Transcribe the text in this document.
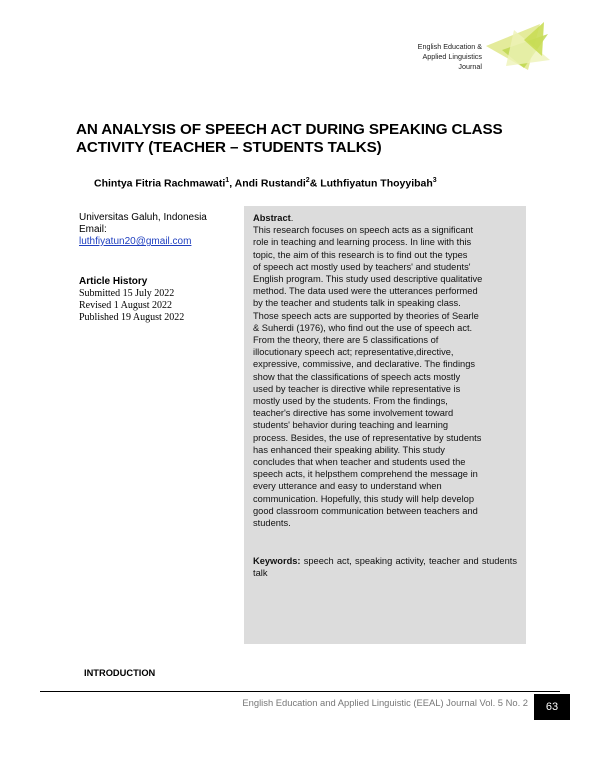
English Education &
Applied Linguistics
Journal
AN ANALYSIS OF SPEECH ACT DURING SPEAKING CLASS
ACTIVITY (TEACHER – STUDENTS TALKS)
Chintya Fitria Rachmawati$^1$, Andi Rustandi$^2$& Luthfiyatun Thoyyibah$^3$
Universitas Galuh, Indonesia
Email:
luthfiyatun20@gmail.com
Article History
Submitted 15 July 2022
Revised 1 August 2022
Published 19 August 2022
Abstract.
This research focuses on speech acts as a significant
role in teaching and learning process. In line with this
topic, the aim of this research is to find out the types
of speech act mostly used by teachers' and students'
English program. This study used descriptive qualitative
method. The data used were the utterances performed
by the teacher and students talk in speaking class.
Those speech acts are supported by theories of Searle
& Suherdi (1976), who find out the use of speech act.
From the theory, there are 5 classifications of
illocutionary speech act; representative,directive,
expressive, commissive, and declarative. The findings
show that the classifications of speech acts mostly
used by teacher is directive while representative is
mostly used by the students. From the findings,
teacher's directive has some involvement toward
students' behavior during teaching and learning
process. Besides, the use of representative by students
has enhanced their speaking ability. This study
concludes that when teacher and students used the
speech acts, it helpsthem comprehend the message in
every utterance and easy to understand when
communication. Hopefully, this study will help develop
good classroom communication between teachers and
students.
Keywords: speech act, speaking activity, teacher and students talk
INTRODUCTION
English Education and Applied Linguistic (EEAL) Journal Vol. 5 No. 2	63
